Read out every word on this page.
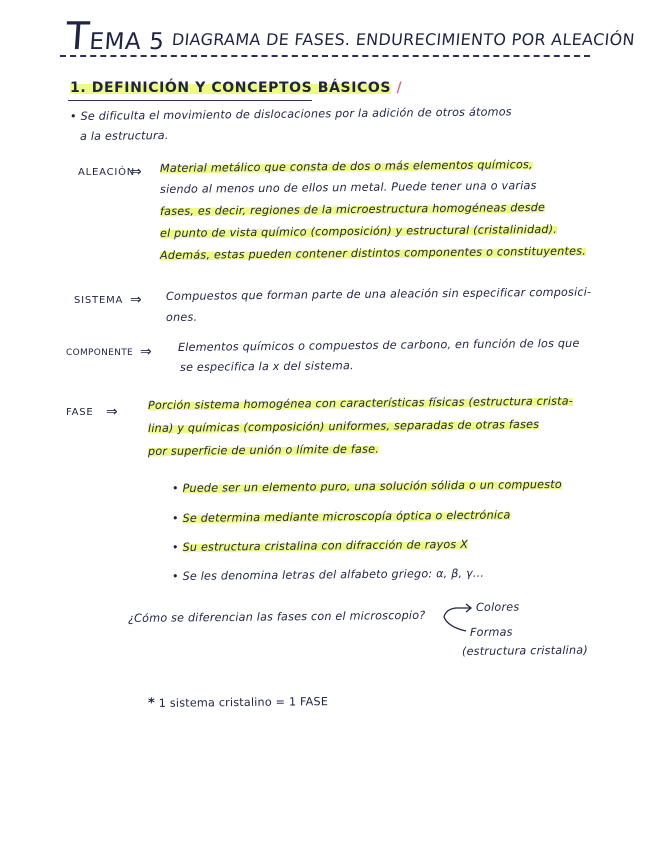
TEMA 5 DIAGRAMA DE FASES. ENDURECIMIENTO POR ALEACIÓN
1. DEFINICIÓN Y CONCEPTOS BÁSICOS /
• Se dificulta el movimiento de dislocaciones por la adición de otros átomos
a la estructura.
ALEACIÓN
⇒ Material metálico que consta de dos o más elementos químicos,
siendo al menos uno de ellos un metal. Puede tener una o varias
fases, es decir, regiones de la microestructura homogéneas desde
el punto de vista químico (composición) y estructural (cristalinidad).
Además, estas pueden contener distintos componentes o constituyentes.
SISTEMA ⇒ Compuestos que forman parte de una aleación sin especificar composici-
ones.
COMPONENTE ⇒ Elementos químicos o compuestos de carbono, en función de los que
se especifica la x del sistema.
FASE ⇒
Porción sistema homogénea con características físicas (estructura crista-
lina) y químicas (composición) uniformes, separadas de otras fases
por superficie de unión o límite de fase.
• Puede ser un elemento puro, una solución sólida o un compuesto
• Se determina mediante microscopía óptica o electrónica
• Su estructura cristalina con difracción de rayos X
• Se les denomina letras del alfabeto griego: α, β, γ...
¿Cómo se diferencian las fases con el microscopio?
Colores
Formas
(estructura cristalina)
* 1 sistema cristalino = 1 FASE
